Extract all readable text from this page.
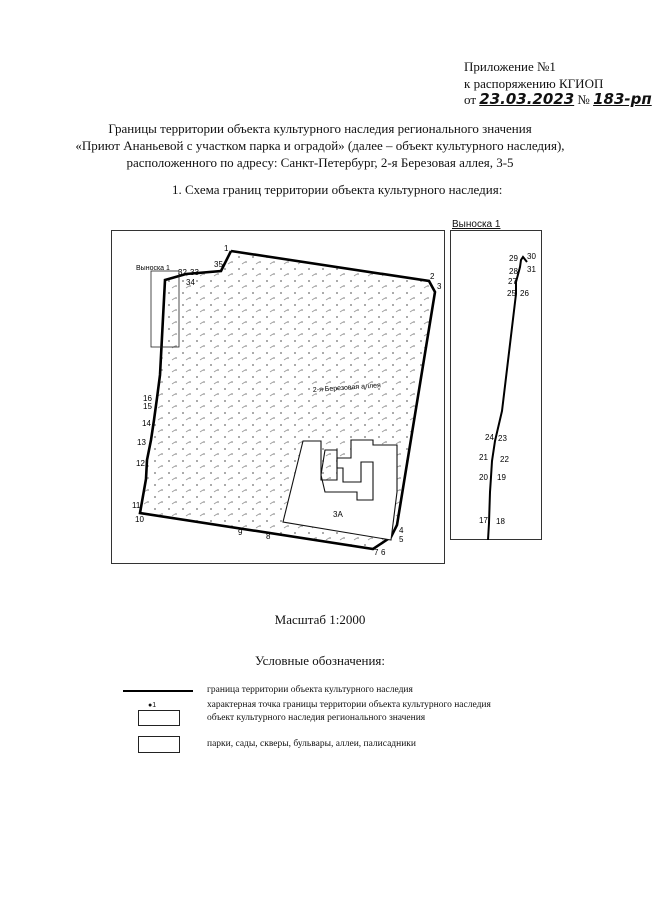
Приложение №1
к распоряжению КГИОП
от 23.03.2023 № 183-рп
Границы территории объекта культурного наследия регионального значения
«Приют Ананьевой с участком парка и оградой» (далее – объект культурного наследия),
расположенного по адресу: Санкт-Петербург, 2-я Березовая аллея, 3-5
1. Схема границ территории объекта культурного наследия:
Выноска 1
3А
2-я Березовая аллея
Выноска 1
1
2
3
4
5
6
7
8
9
10
11
12
13
14
15
16
32 33
34
35
29 30
28 31
27
25 26
24 23
21 22
20 19
17 18
Масштаб 1:2000
Условные обозначения:
граница территории объекта культурного наследия
●1	характерная точка границы территории объекта культурного наследия
объект культурного наследия регионального значения
парки, сады, скверы, бульвары, аллеи, палисадники
